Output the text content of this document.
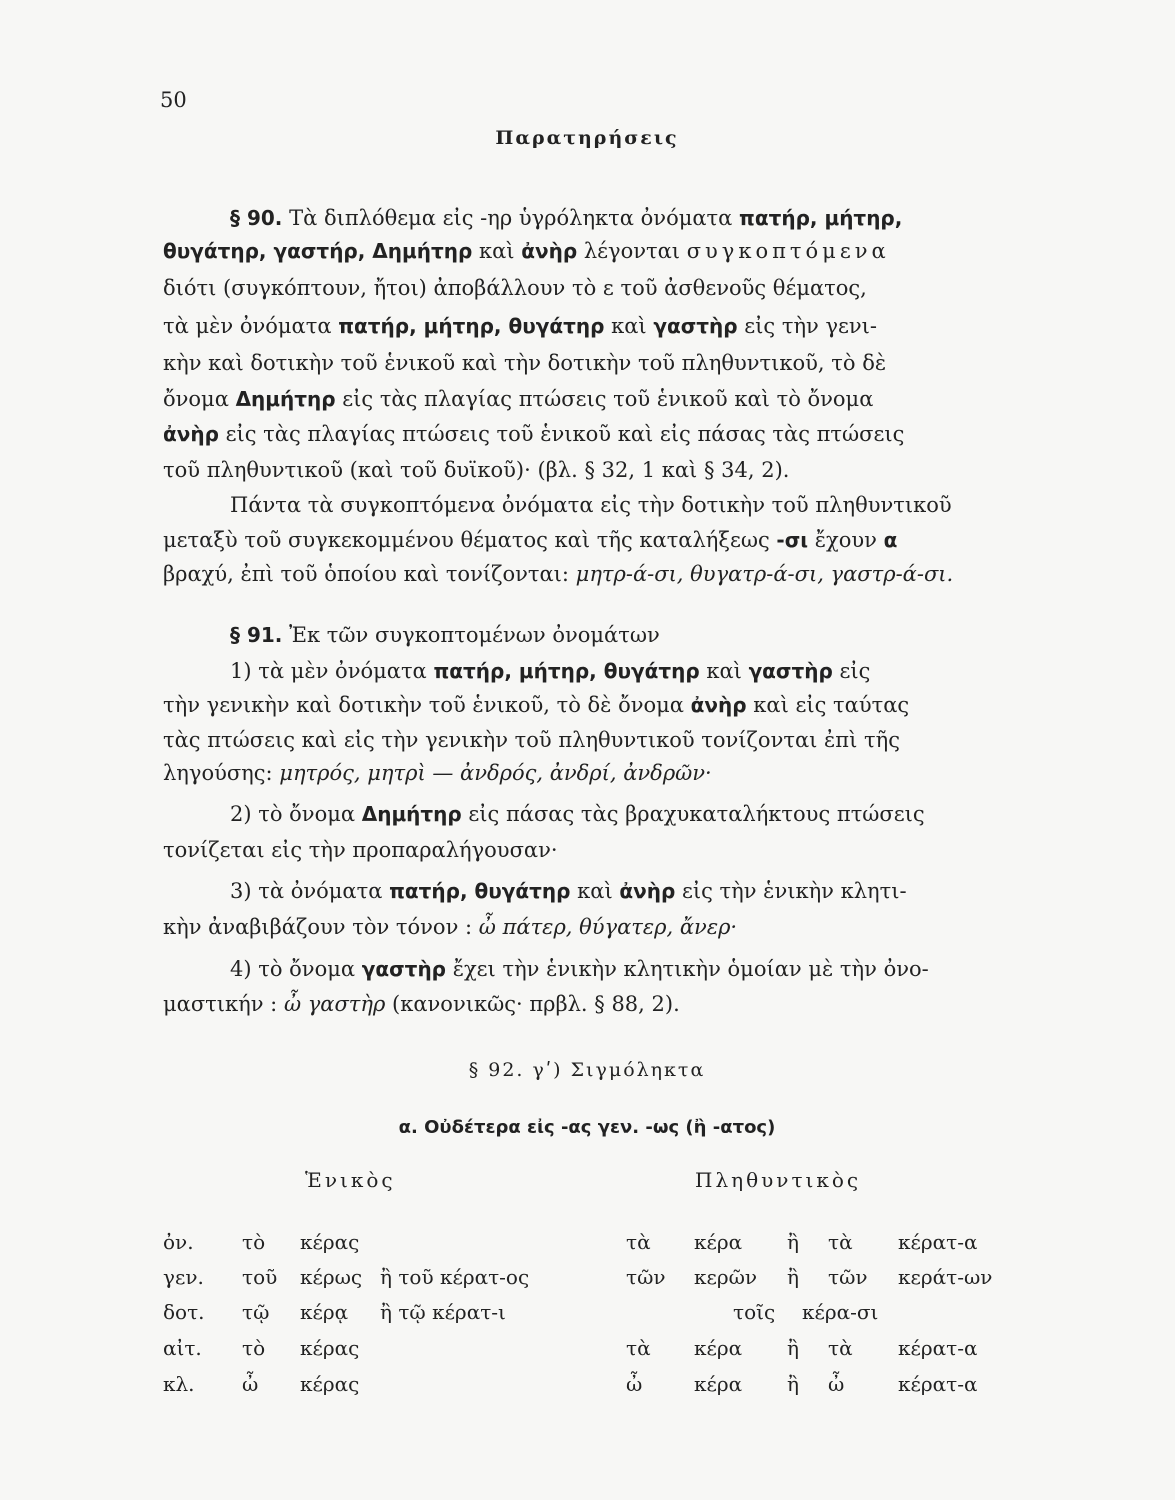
50
Παρατηρήσεις
§ 90. Τὰ διπλόθεμα εἰς -ηρ ὑγρόληκτα ὀνόματα πατήρ, μήτηρ,
θυγάτηρ, γαστήρ, Δημήτηρ καὶ ἀνὴρ λέγονται συγκοπτόμενα
διότι (συγκόπτουν, ἤτοι) ἀποβάλλουν τὸ ε τοῦ ἀσθενοῦς θέματος,
τὰ μὲν ὀνόματα πατήρ, μήτηρ, θυγάτηρ καὶ γαστὴρ εἰς τὴν γενι-
κὴν καὶ δοτικὴν τοῦ ἑνικοῦ καὶ τὴν δοτικὴν τοῦ πληθυντικοῦ, τὸ δὲ
ὄνομα Δημήτηρ εἰς τὰς πλαγίας πτώσεις τοῦ ἑνικοῦ καὶ τὸ ὄνομα
ἀνὴρ εἰς τὰς πλαγίας πτώσεις τοῦ ἑνικοῦ καὶ εἰς πάσας τὰς πτώσεις
τοῦ πληθυντικοῦ (καὶ τοῦ δυϊκοῦ)· (βλ. § 32, 1 καὶ § 34, 2).
Πάντα τὰ συγκοπτόμενα ὀνόματα εἰς τὴν δοτικὴν τοῦ πληθυντικοῦ
μεταξὺ τοῦ συγκεκομμένου θέματος καὶ τῆς καταλήξεως -σι ἔχουν α
βραχύ, ἐπὶ τοῦ ὁποίου καὶ τονίζονται: μητρ-ά-σι, θυγατρ-ά-σι, γαστρ-ά-σι.
§ 91. Ἐκ τῶν συγκοπτομένων ὀνομάτων
1) τὰ μὲν ὀνόματα πατήρ, μήτηρ, θυγάτηρ καὶ γαστὴρ εἰς
τὴν γενικὴν καὶ δοτικὴν τοῦ ἑνικοῦ, τὸ δὲ ὄνομα ἀνὴρ καὶ εἰς ταύτας
τὰς πτώσεις καὶ εἰς τὴν γενικὴν τοῦ πληθυντικοῦ τονίζονται ἐπὶ τῆς
ληγούσης: μητρός, μητρὶ — ἀνδρός, ἀνδρί, ἀνδρῶν·
2) τὸ ὄνομα Δημήτηρ εἰς πάσας τὰς βραχυκαταλήκτους πτώσεις
τονίζεται εἰς τὴν προπαραλήγουσαν·
3) τὰ ὀνόματα πατήρ, θυγάτηρ καὶ ἀνὴρ εἰς τὴν ἑνικὴν κλητι-
κὴν ἀναβιβάζουν τὸν τόνον : ὦ πάτερ, θύγατερ, ἄνερ·
4) τὸ ὄνομα γαστὴρ ἔχει τὴν ἑνικὴν κλητικὴν ὁμοίαν μὲ τὴν ὀνο-
μαστικήν : ὦ γαστὴρ (κανονικῶς· πρβλ. § 88, 2).
§ 92. γʹ) Σιγμόληκτα
α. Οὐδέτερα εἰς -ας γεν. -ως (ἢ -ατος)
Ἑνικὸς	Πληθυντικὸς
ὀν. τὸ κέρας	τὰ κέρα ἢ τὰ κέρατ-α
γεν. τοῦ κέρως ἢ τοῦ κέρατ-ος	τῶν κερῶν ἢ τῶν κεράτ-ων
δοτ. τῷ κέρᾳ ἢ τῷ κέρατ-ι	τοῖς κέρα-σι
αἰτ. τὸ κέρας	τὰ κέρα ἢ τὰ κέρατ-α
κλ. ὦ κέρας	ὦ	κέρα ἢ ὦ	κέρατ-α
